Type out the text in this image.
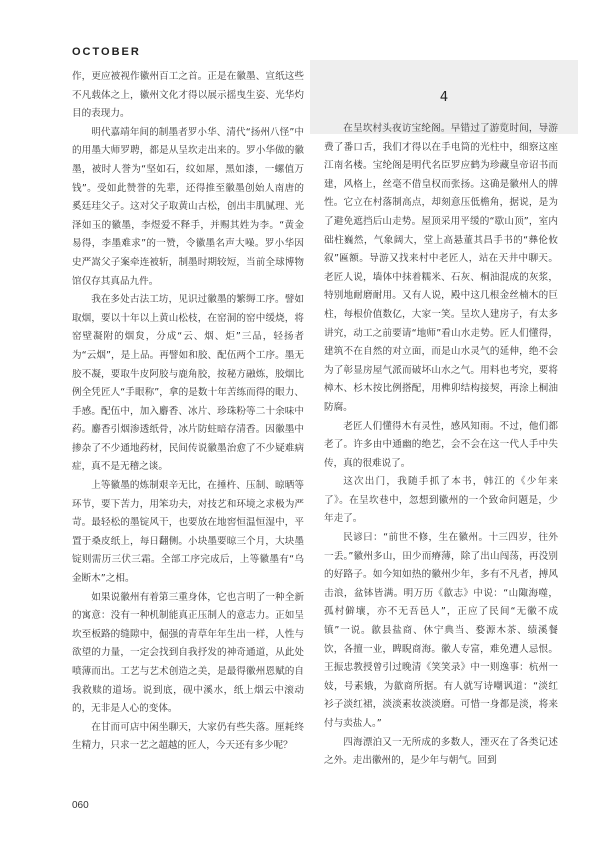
OCTOBER
4

作，更应被视作徽州百工之首。正是在徽墨、宣纸这些不凡载体之上，徽州文化才得以展示摇曳生姿、光华灼目的表现力。

明代嘉靖年间的制墨者罗小华、清代“扬州八怪”中的用墨大师罗聘，都是从呈坎走出来的。罗小华做的徽墨，被时人誉为“坚如石，纹如犀，黑如漆，一螺值万钱”。受如此赞誉的先辈，还得推至徽墨创始人南唐的奚廷珪父子。这对父子取黄山古松，创出丰肌腻理、光泽如玉的徽墨，李煜爱不释手，并赐其姓为李。“黄金易得，李墨难求”的一赞，令徽墨名声大噪。罗小华因史严嵩父子案牵连被斩，制墨时期较短，当前全球博物馆仅存其真品九件。

我在多处古法工坊，见识过徽墨的繁缛工序。譬如取烟，要以十年以上黄山松枝，在窑洞的窑中缓烧，将窑壁凝附的烟炱，分成“云、烟、炬”三品，轻扬者为“云烟”，是上品。再譬如和胶、配伍两个工序。墨无胶不凝，要取牛皮阿胶与鹿角胶，按秘方融炼，胶烟比例全凭匠人“手眼称”，拿的是数十年苦练而得的眼力、手感。配伍中，加入麝香、冰片、珍珠粉等二十余味中药。麝香引烟渗透纸骨，冰片防蛀暗存清香。因徽墨中掺杂了不少通地药材，民间传说徽墨治愈了不少疑难病症，真不是无稽之谈。

上等徽墨的炼制艰辛无比，在捶杵、压制、晾晒等环节，要下苦力，用笨功夫，对技艺和环境之求极为严苛。最轻松的墨锭风干，也要放在地窖恒温恒湿中，平置于桑皮纸上，每日翻侧。小块墨要晾三个月，大块墨锭则需历三伏三霜。全部工序完成后，上等徽墨有“乌金断木”之相。

如果说徽州有着第三重身体，它也言明了一种全新的寓意：没有一种机制能真正压制人的意志力。正如呈坎至板路的缝隙中，倔强的青草年年生出一样，人性与欲望的力量，一定会找到自我抒发的神奇通道，从此处喷薄而出。工艺与艺术创造之美，是最得徽州恩赋的自我救赎的道场。说到底，砚中溪水，纸上烟云中滚动的，无非是人心的变体。

在甘而可店中闲坐聊天，大家仍有些失落。厘耗终生精力，只求一艺之超越的匠人，今天还有多少呢？

在呈坎村头夜访宝纶阁。早错过了游览时间，导游费了番口舌，我们才得以在手电筒的光柱中，细察这座江南名楼。宝纶阁是明代名臣罗应鹤为珍藏皇帝诏书而建，风格上，丝毫不借皇权而张扬。这确是徽州人的牌性。它立在村落制高点，却刻意压低檐角，据说，是为了避免遮挡后山走势。屋顶采用平缓的“歇山顶”，室内础柱巍然，气象阔大，堂上高悬董其昌手书的“彝伦攸叙”匾额。导游又找来村中老匠人，站在天井中聊天。老匠人说，墙体中抹着糯米、石灰、桐油混成的灰浆，特别地耐磨耐用。又有人说，殿中这几根金丝楠木的巨柱，每根价值数亿，大家一笑。呈坎人建房子，有太多讲究，动工之前要请“地师”看山水走势。匠人们懂得，建筑不在自然的对立面，而是山水灵气的延伸，绝不会为了彰显房屋气派而破坏山水之气。用料也考究，要将樟木、杉木按比例搭配，用榫卯结构接契，再涂上桐油防腐。

老匠人们懂得木有灵性，感风知雨。不过，他们都老了。许多由中通幽的绝艺，会不会在这一代人手中失传，真的很难说了。

这次出门，我随手抓了本书，韩江的《少年来了》。在呈坎巷中，忽想到徽州的一个致命问题是，少年走了。

民谚曰：“前世不修，生在徽州。十三四岁，往外一丢。”徽州多山，田少而瘠薄，除了出山闯荡，再没别的好路子。如今知如热的徽州少年，多有不凡者，搏风击浪，盆钵皆满。明万历《歙志》中说：“山陬海噬，孤村僻壤，亦不无吾邑人”，正应了民间“无徽不成镇”一说。歙县盐商、休宁典当、婺源木茶、绩溪餐饮，各擅一业，睥睨商海。徽人专富，难免遭人忌恨。王振忠教授曾引过晚清《笑笑录》中一则逸事：杭州一妓，号素娥，为歙商所据。有人就写诗嘲讽道：“淡红衫子淡红裙，淡淡素妆淡淡磨。可惜一身都是淡，将来付与卖盐人。”

四海漂泊又一无所成的多数人，湮灭在了各类记述之外。走出徽州的，是少年与朝气。回到

060
